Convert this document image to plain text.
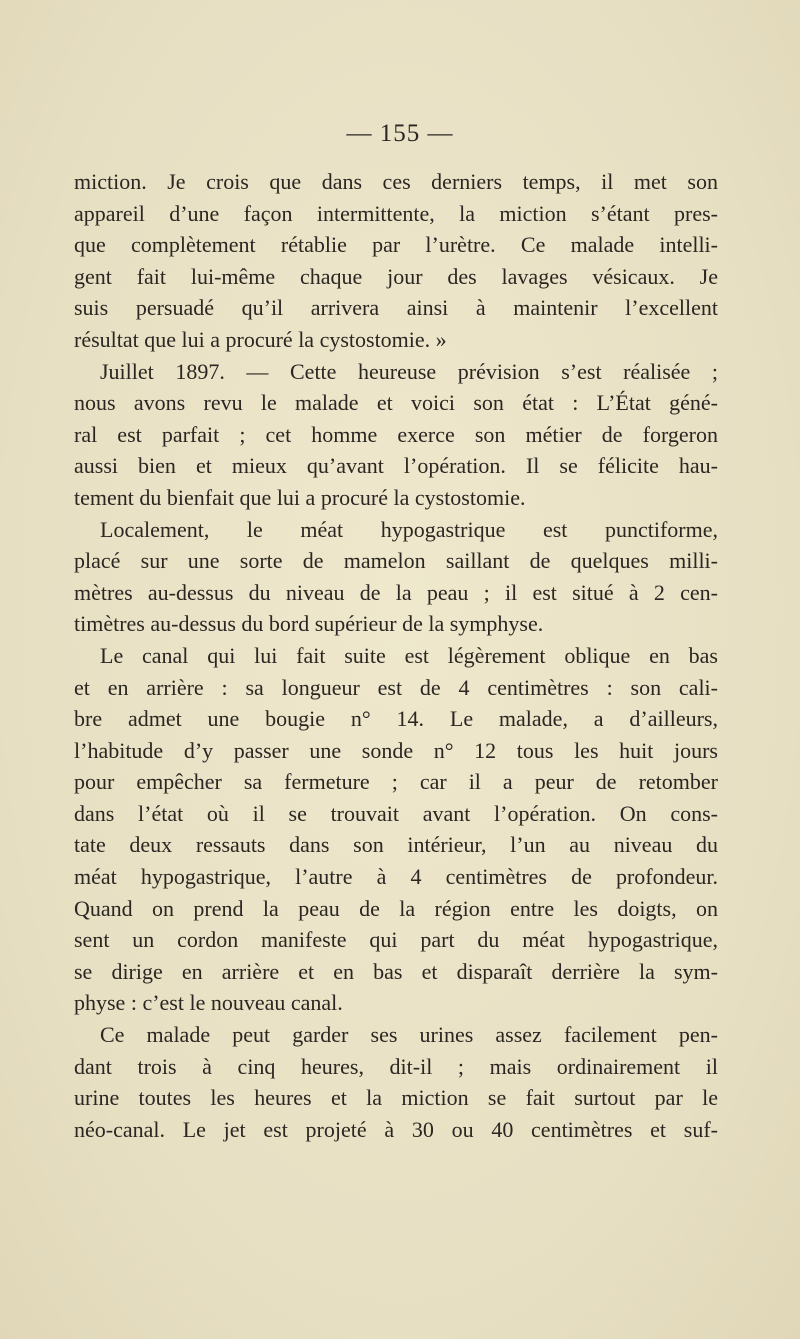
— 155 —
miction. Je crois que dans ces derniers temps, il met son
appareil d’une façon intermittente, la miction s’étant pres-
que complètement rétablie par l’urètre. Ce malade intelli-
gent fait lui-même chaque jour des lavages vésicaux. Je
suis persuadé qu’il arrivera ainsi à maintenir l’excellent
résultat que lui a procuré la cystostomie. »
Juillet 1897. — Cette heureuse prévision s’est réalisée ;
nous avons revu le malade et voici son état : L’État géné-
ral est parfait ; cet homme exerce son métier de forgeron
aussi bien et mieux qu’avant l’opération. Il se félicite hau-
tement du bienfait que lui a procuré la cystostomie.
Localement, le méat hypogastrique est punctiforme,
placé sur une sorte de mamelon saillant de quelques milli-
mètres au-dessus du niveau de la peau ; il est situé à 2 cen-
timètres au-dessus du bord supérieur de la symphyse.
Le canal qui lui fait suite est légèrement oblique en bas
et en arrière : sa longueur est de 4 centimètres : son cali-
bre admet une bougie n° 14. Le malade, a d’ailleurs,
l’habitude d’y passer une sonde n° 12 tous les huit jours
pour empêcher sa fermeture ; car il a peur de retomber
dans l’état où il se trouvait avant l’opération. On cons-
tate deux ressauts dans son intérieur, l’un au niveau du
méat hypogastrique, l’autre à 4 centimètres de profondeur.
Quand on prend la peau de la région entre les doigts, on
sent un cordon manifeste qui part du méat hypogastrique,
se dirige en arrière et en bas et disparaît derrière la sym-
physe : c’est le nouveau canal.
Ce malade peut garder ses urines assez facilement pen-
dant trois à cinq heures, dit-il ; mais ordinairement il
urine toutes les heures et la miction se fait surtout par le
néo-canal. Le jet est projeté à 30 ou 40 centimètres et suf-
